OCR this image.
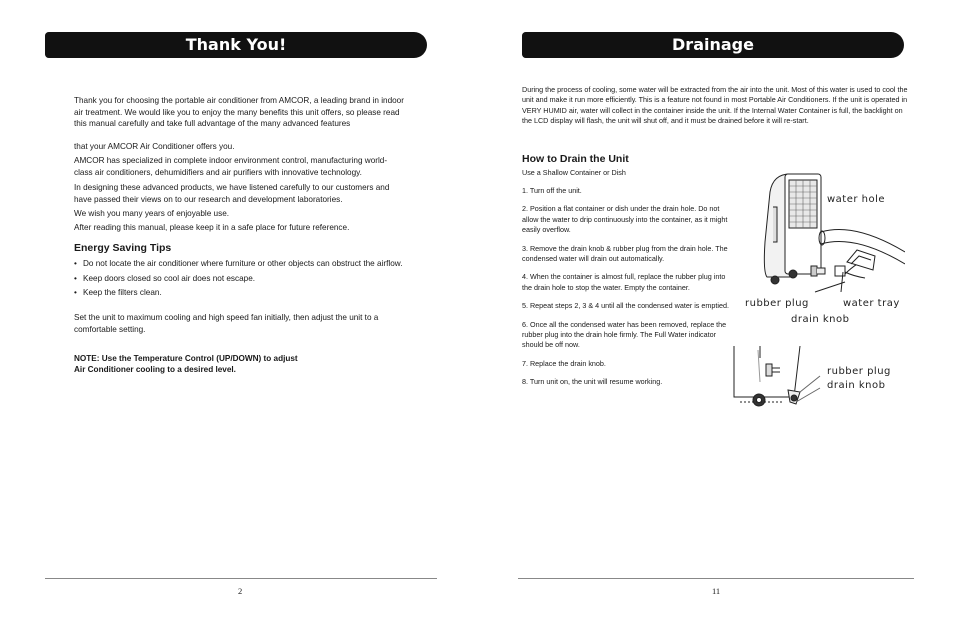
Thank You!

Thank you for choosing the portable air conditioner from AMCOR, a leading brand in indoor air treatment. We would like you to enjoy the many benefits this unit offers, so please read this manual carefully and take full advantage of the many advanced features

that your AMCOR Air Conditioner offers you.

AMCOR has specialized in complete indoor environment control, manufacturing world-class air conditioners, dehumidifiers and air purifiers with innovative technology.

In designing these advanced products, we have listened carefully to our customers and have passed their views on to our research and development laboratories.

We wish you many years of enjoyable use.

After reading this manual, please keep it in a safe place for future reference.

Energy Saving Tips

• Do not locate the air conditioner where furniture or other objects can obstruct the airflow.
• Keep doors closed so cool air does not escape.
• Keep the filters clean.

Set the unit to maximum cooling and high speed fan initially, then adjust the unit to a comfortable setting.

NOTE: Use the Temperature Control (UP/DOWN) to adjust

Air Conditioner cooling to a desired level.

2
Drainage

During the process of cooling, some water will be extracted from the air into the unit. Most of this water is used to cool the unit and make it run more efficiently. This is a feature not found in most Portable Air Conditioners. If the unit is operated in VERY HUMID air, water will collect in the container inside the unit. If the Internal Water Container is full, the backlight on the LCD display will flash, the unit will shut off, and it must be drained before it will re-start.

How to Drain the Unit

Use a Shallow Container or Dish

1. Turn off the unit.
2. Position a flat container or dish under the drain hole. Do not allow the water to drip continuously into the container, as it might easily overflow.
3. Remove the drain knob & rubber plug from the drain hole. The condensed water will drain out automatically.
4. When the container is almost full, replace the rubber plug into the drain hole to stop the water. Empty the container.
5. Repeat steps 2, 3 & 4 until all the condensed water is emptied.
6. Once all the condensed water has been removed, replace the rubber plug into the drain hole firmly. The Full Water indicator should be off now.
7. Replace the drain knob.
8. Turn unit on, the unit will resume working.
water hole
rubber plug	water tray
drain knob
rubber plug
drain knob
11
